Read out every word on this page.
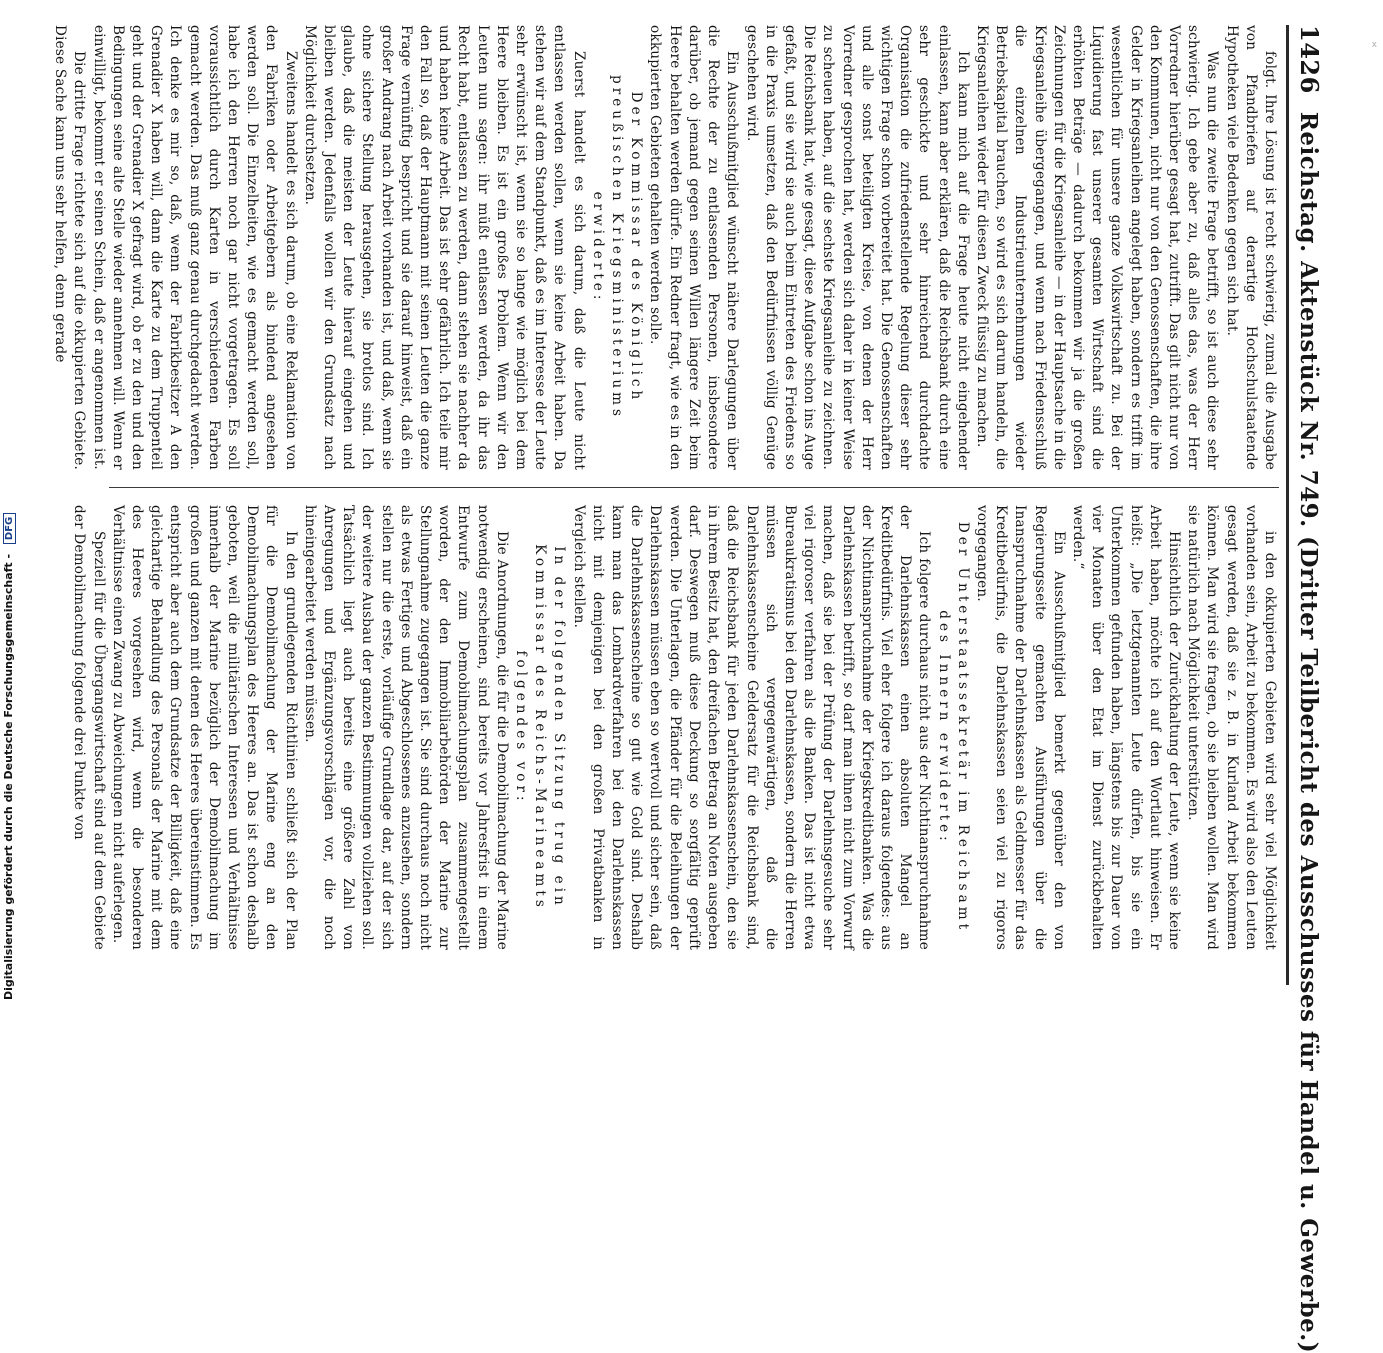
1426
Reichstag. Aktenstück Nr. 749. (Dritter Teilbericht des Ausschusses für Handel u. Gewerbe.)

folgt. Ihre Lösung ist recht schwierig, zumal die Ausgabe von Pfandbriefen auf derartige Hochschulstaatende Hypotheken viele Bedenken gegen sich hat.

Was nun die zweite Frage betrifft, so ist auch diese sehr schwierig. Ich gebe aber zu, daß alles das, was der Herr Vorredner hierüber gesagt hat, zutrifft. Das gilt nicht nur von den Kommunen, nicht nur von den Genossenschaften, die ihre Gelder in Kriegsanleihen angelegt haben, sondern es trifft im wesentlichen für unsere ganze Volkswirtschaft zu. Bei der Liquidierung fast unserer gesamten Wirtschaft sind die erhöhten Beträge — dadurch bekommen wir ja die großen Zeichnungen für die Kriegsanleihe — in der Hauptsache in die Kriegsanleihe übergegangen, und wenn nach Friedensschluß die einzelnen Industrieunternehmungen wieder Betriebskapital brauchen, so wird es sich darum handeln, die Kriegsanleihen wieder für diesen Zweck flüssig zu machen.

Ich kann mich auf die Frage heute nicht eingehender einlassen, kann aber erklären, daß die Reichsbank durch eine sehr geschickte und sehr hinreichend durchdachte Organisation die zufriedenstellende Regelung dieser sehr wichtigen Frage schon vorbereitet hat. Die Genossenschaften und alle sonst beteiligten Kreise, von denen der Herr Vorredner gesprochen hat, werden sich daher in keiner Weise zu scheuen haben, auf die sechste Kriegsanleihe zu zeichnen. Die Reichsbank hat, wie gesagt, diese Aufgabe schon ins Auge gefaßt, und sie wird sie auch beim Eintreten des Friedens so in die Praxis umsetzen, daß den Bedürfnissen völlig Genüge geschehen wird.

Ein Ausschußmitglied wünscht nähere Darlegungen über die Rechte der zu entlassenden Personen, insbesondere darüber, ob jemand gegen seinen Willen längere Zeit beim Heere behalten werden dürfe. Ein Redner fragt, wie es in den okkupierten Gebieten gehalten werden solle.

Der Kommissar des Königlich preußischen Kriegsministeriums erwiderte:

Zuerst handelt es sich darum, daß die Leute nicht entlassen werden sollen, wenn sie keine Arbeit haben. Da stehen wir auf dem Standpunkt, daß es im Interesse der Leute sehr erwünscht ist, wenn sie so lange wie möglich bei dem Heere bleiben. Es ist ein großes Problem. Wenn wir den Leuten nun sagen: ihr müßt entlassen werden, da ihr das Recht habt, entlassen zu werden, dann stehen sie nachher da und haben keine Arbeit. Das ist sehr gefährlich. Ich teile mir den Fall so, daß der Hauptmann mit seinen Leuten die ganze Frage vernünftig bespricht und sie darauf hinweist, daß ein großer Andrang nach Arbeit vorhanden ist, und daß, wenn sie ohne sichere Stellung herausgehen, sie brotlos sind. Ich glaube, daß die meisten der Leute hierauf eingehen und bleiben werden. Jedenfalls wollen wir den Grundsatz nach Möglichkeit durchsetzen.

Zweitens handelt es sich darum, ob eine Reklamation von den Fabriken oder Arbeitgebern als bindend angesehen werden soll. Die Einzelheiten, wie es gemacht werden soll, habe ich den Herren noch gar nicht vorgetragen. Es soll voraussichtlich durch Karten in verschiedenen Farben gemacht werden. Das muß ganz genau durchgedacht werden. Ich denke es mir so, daß, wenn der Fabrikbesitzer A den Grenadier X haben will, dann die Karte zu dem Truppenteil geht und der Grenadier X gefragt wird, ob er zu den und den Bedingungen seine alte Stelle wieder annehmen will. Wenn er einwilligt, bekommt er seinen Schein, daß er angenommen ist.

Die dritte Frage richtete sich auf die okkupierten Gebiete. Diese Sache kann uns sehr helfen, denn gerade

in den okkupierten Gebieten wird sehr viel Möglichkeit vorhanden sein, Arbeit zu bekommen. Es wird also den Leuten gesagt werden, daß sie z. B. in Kurland Arbeit bekommen können. Man wird sie fragen, ob sie bleiben wollen. Man wird sie natürlich nach Möglichkeit unterstützen.

Hinsichtlich der Zurückhaltung der Leute, wenn sie keine Arbeit haben, möchte ich auf den Wortlaut hinweisen. Er heißt: „Die letztgenannten Leute dürfen, bis sie ein Unterkommen gefunden haben, längstens bis zur Dauer von vier Monaten über den Etat im Dienst zurückbehalten werden.“

Ein Ausschußmitglied bemerkt gegenüber den von Regierungsseite gemachten Ausführungen über die Inanspruchnahme der Darlehnskassen als Geldmesser für das Kreditbedürfnis, die Darlehnskassen seien viel zu rigoros vorgegangen.

Der Unterstaatssekretär im Reichsamt des Innern erwiderte:

Ich folgere durchaus nicht aus der Nichtinanspruchnahme der Darlehnskassen einen absoluten Mangel an Kreditbedürfnis. Viel eher folgere ich daraus folgendes: aus der Nichtinanspruchnahme der Kriegskreditbanken. Was die Darlehnskassen betrifft, so darf man ihnen nicht zum Vorwurf machen, daß sie bei der Prüfung der Darlehnsgesuche sehr viel rigoroser verfahren als die Banken. Das ist nicht etwa Bureaukratismus bei den Darlehnskassen, sondern die Herren müssen sich vergegenwärtigen, daß die Darlehnskassenscheine Geldersatz für die Reichsbank sind, daß die Reichsbank für jeden Darlehnskassenschein, den sie in ihrem Besitz hat, den dreifachen Betrag an Noten ausgeben darf. Deswegen muß diese Deckung so sorgfältig geprüft werden. Die Unterlagen, die Pfänder für die Beleihungen der Darlehnskassen müssen eben so wertvoll und sicher sein, daß die Darlehnskassenscheine so gut wie Gold sind. Deshalb kann man das Lombardverfahren bei den Darlehnskassen nicht mit demjenigen bei den großen Privatbanken in Vergleich stellen.

In der folgenden Sitzung trug ein Kommissar des Reichs-Marineamts folgendes vor:

Die Anordnungen, die für die Demobilmachung der Marine notwendig erscheinen, sind bereits vor Jahresfrist in einem Entwurfe zum Demobilmachungsplan zusammengestellt worden, der den Immobiliarbehörden der Marine zur Stellungnahme zugegangen ist. Sie sind durchaus noch nicht als etwas Fertiges und Abgeschlossenes anzusehen, sondern stellen nur die erste, vorläufige Grundlage dar, auf der sich der weitere Ausbau der ganzen Bestimmungen vollziehen soll. Tatsächlich liegt auch bereits eine größere Zahl von Anregungen und Ergänzungsvorschlägen vor, die noch hineingearbeitet werden müssen.

In den grundlegenden Richtlinien schließt sich der Plan für die Demobilmachung der Marine eng an den Demobilmachungsplan des Heeres an. Das ist schon deshalb geboten, weil die militärischen Interessen und Verhältnisse innerhalb der Marine bezüglich der Demobilmachung im großen und ganzen mit denen des Heeres übereinstimmen. Es entspricht aber auch dem Grundsatze der Billigkeit, daß eine gleichartige Behandlung des Personals der Marine mit dem des Heeres vorgesehen wird, wenn die besonderen Verhältnisse einen Zwang zu Abweichungen nicht auferlegen.

Speziell für die Übergangswirtschaft sind auf dem Gebiete der Demobilmachung folgende drei Punkte von

Digitalisierung gefördert durch die Deutsche Forschungsgemeinschaft - DFG
x
